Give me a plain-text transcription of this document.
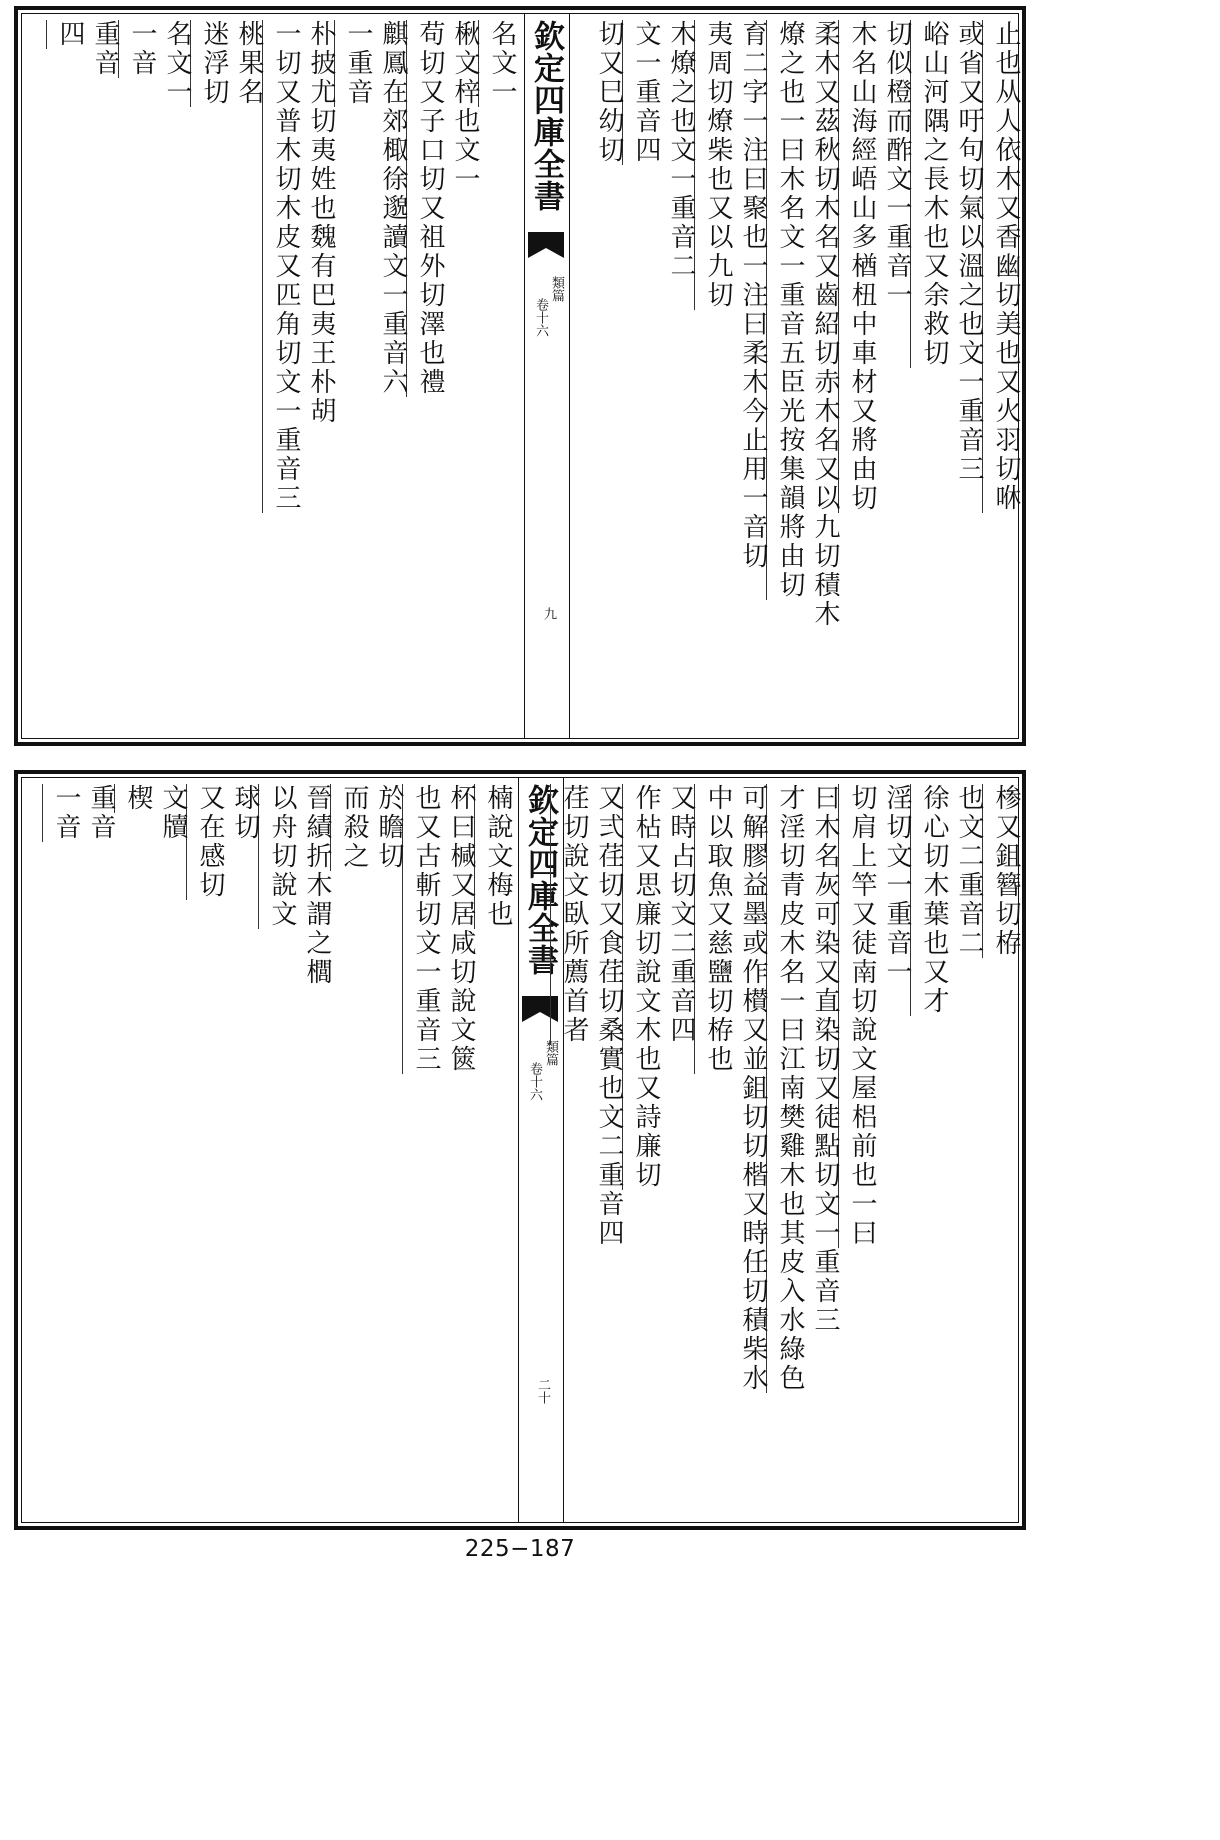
欽定四庫全書
類篇
卷十六
九
止也从人依木又香幽切美也又火羽切咻
或省又吁句切氣以溫之也文一重音三
峪山河隅之長木也又余救切
切似橙而酢文一重音一
木名山海經峿山多楢杻中車材又將由切
柔木又茲秋切木名又齒紹切赤木名又以九切積木
燎之也一曰木名文一重音五臣光按集韻將由切
育二字一注曰聚也一注曰柔木今止用一音切
夷周切燎柴也又以九切
木燎之也文一重音二
文一重音四
切又巳幼切
名文一
楸文梓也文一
苟切又子口切又祖外切澤也禮
麒鳳在郊棷徐邈讀文一重音六
一重音
朴披尤切夷姓也魏有巴夷王朴胡
一切又普木切木皮又匹角切文一重音三
桃果名
迷浮切
名文一
一音
重音
四
欽定四庫全書
類篇
卷十六
二十
椮又鉏簪切栫
也文二重音二
徐心切木葉也又才
淫切文一重音一
切肩上竿又徒南切說文屋梠前也一曰
曰木名灰可染又直染切又徒點切文一重音三
才淫切青皮木名一曰江南樊雞木也其皮入水綠色
可解膠益墨或作櫕又並鉏切切楷又時任切積柴水
中以取魚又慈鹽切栫也
又時占切文二重音四
作枮又思廉切說文木也又詩廉切
又弍荏切又食荏切桑實也文二重音四
荏切說文臥所薦首者
楠說文梅也
杯曰椷又居咸切說文篋
也又古斬切文一重音三
於瞻切
而殺之
晉績折木謂之櫚
以舟切說文
球切
又在感切
文牘
楔
重音
一音
225−187
